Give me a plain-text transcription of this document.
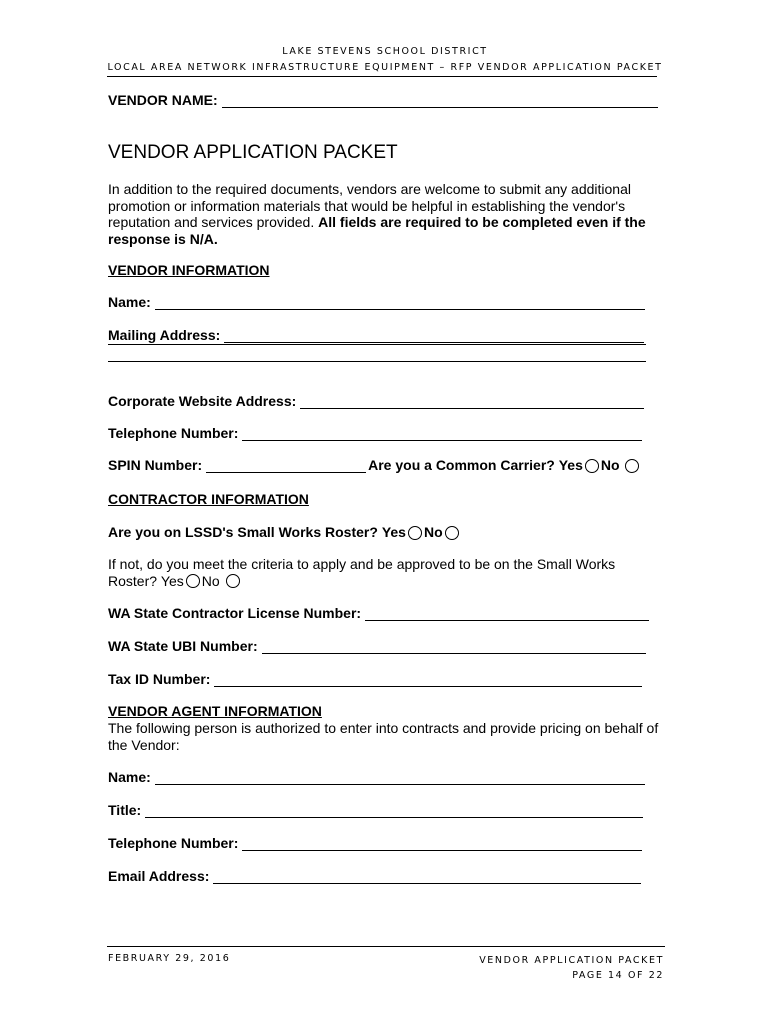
LAKE STEVENS SCHOOL DISTRICT
LOCAL AREA NETWORK INFRASTRUCTURE EQUIPMENT – RFP VENDOR APPLICATION PACKET
VENDOR NAME:
VENDOR APPLICATION PACKET
In addition to the required documents, vendors are welcome to submit any additional promotion or information materials that would be helpful in establishing the vendor's reputation and services provided. All fields are required to be completed even if the response is N/A.
VENDOR INFORMATION
Name:
Mailing Address:
Corporate Website Address:
Telephone Number:
SPIN Number:	Are you a Common Carrier?
Yes No

CONTRACTOR INFORMATION
Are you on LSSD's Small Works Roster?
Yes No
If not, do you meet the criteria to apply and be approved to be on the Small Works Roster? Yes No
WA State Contractor License Number:
WA State UBI Number:
Tax ID Number:
VENDOR AGENT INFORMATION
The following person is authorized to enter into contracts and provide pricing on behalf of the Vendor:
Name:
Title:
Telephone Number:
Email Address:
FEBRUARY 29, 2016	VENDOR APPLICATION PACKET
PAGE 14 OF 22
